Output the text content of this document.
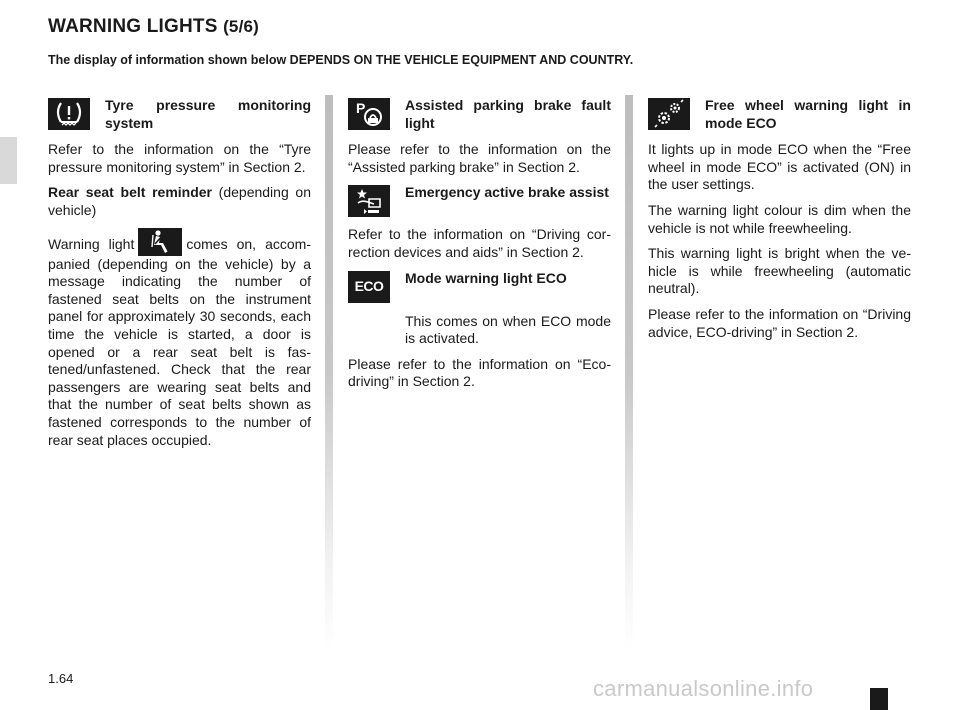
WARNING LIGHTS (5/6)
The display of information shown below DEPENDS ON THE VEHICLE EQUIPMENT AND COUNTRY.
Tyre pressure monitoring system

Refer to the information on the “Tyre pressure monitoring system” in Section 2.

Rear seat belt reminder (depending on vehicle)

Warning light	comes on, accom-panied (depending on the vehicle) by a message indicating the number of fastened seat belts on the instrument panel for approximately 30 seconds, each time the vehicle is started, a door is opened or a rear seat belt is fas-tened/unfastened. Check that the rear passengers are wearing seat belts and that the number of seat belts shown as fastened corresponds to the number of rear seat places occupied.

P	Assisted parking brake fault light

Please refer to the information on the “Assisted parking brake” in Section 2.

Emergency active brake assist

Refer to the information on “Driving cor-rection devices and aids” in Section 2.

ECO
Mode warning light ECO

This comes on when ECO mode is activated.

Please refer to the information on “Eco-driving” in Section 2.

Free wheel warning light in mode ECO

It lights up in mode ECO when the “Free wheel in mode ECO” is activated (ON) in the user settings.

The warning light colour is dim when the vehicle is not while freewheeling.

This warning light is bright when the ve-hicle is while freewheeling (automatic neutral).

Please refer to the information on “Driving advice, ECO-driving” in Section 2.

1.64	carmanualsonline.info
